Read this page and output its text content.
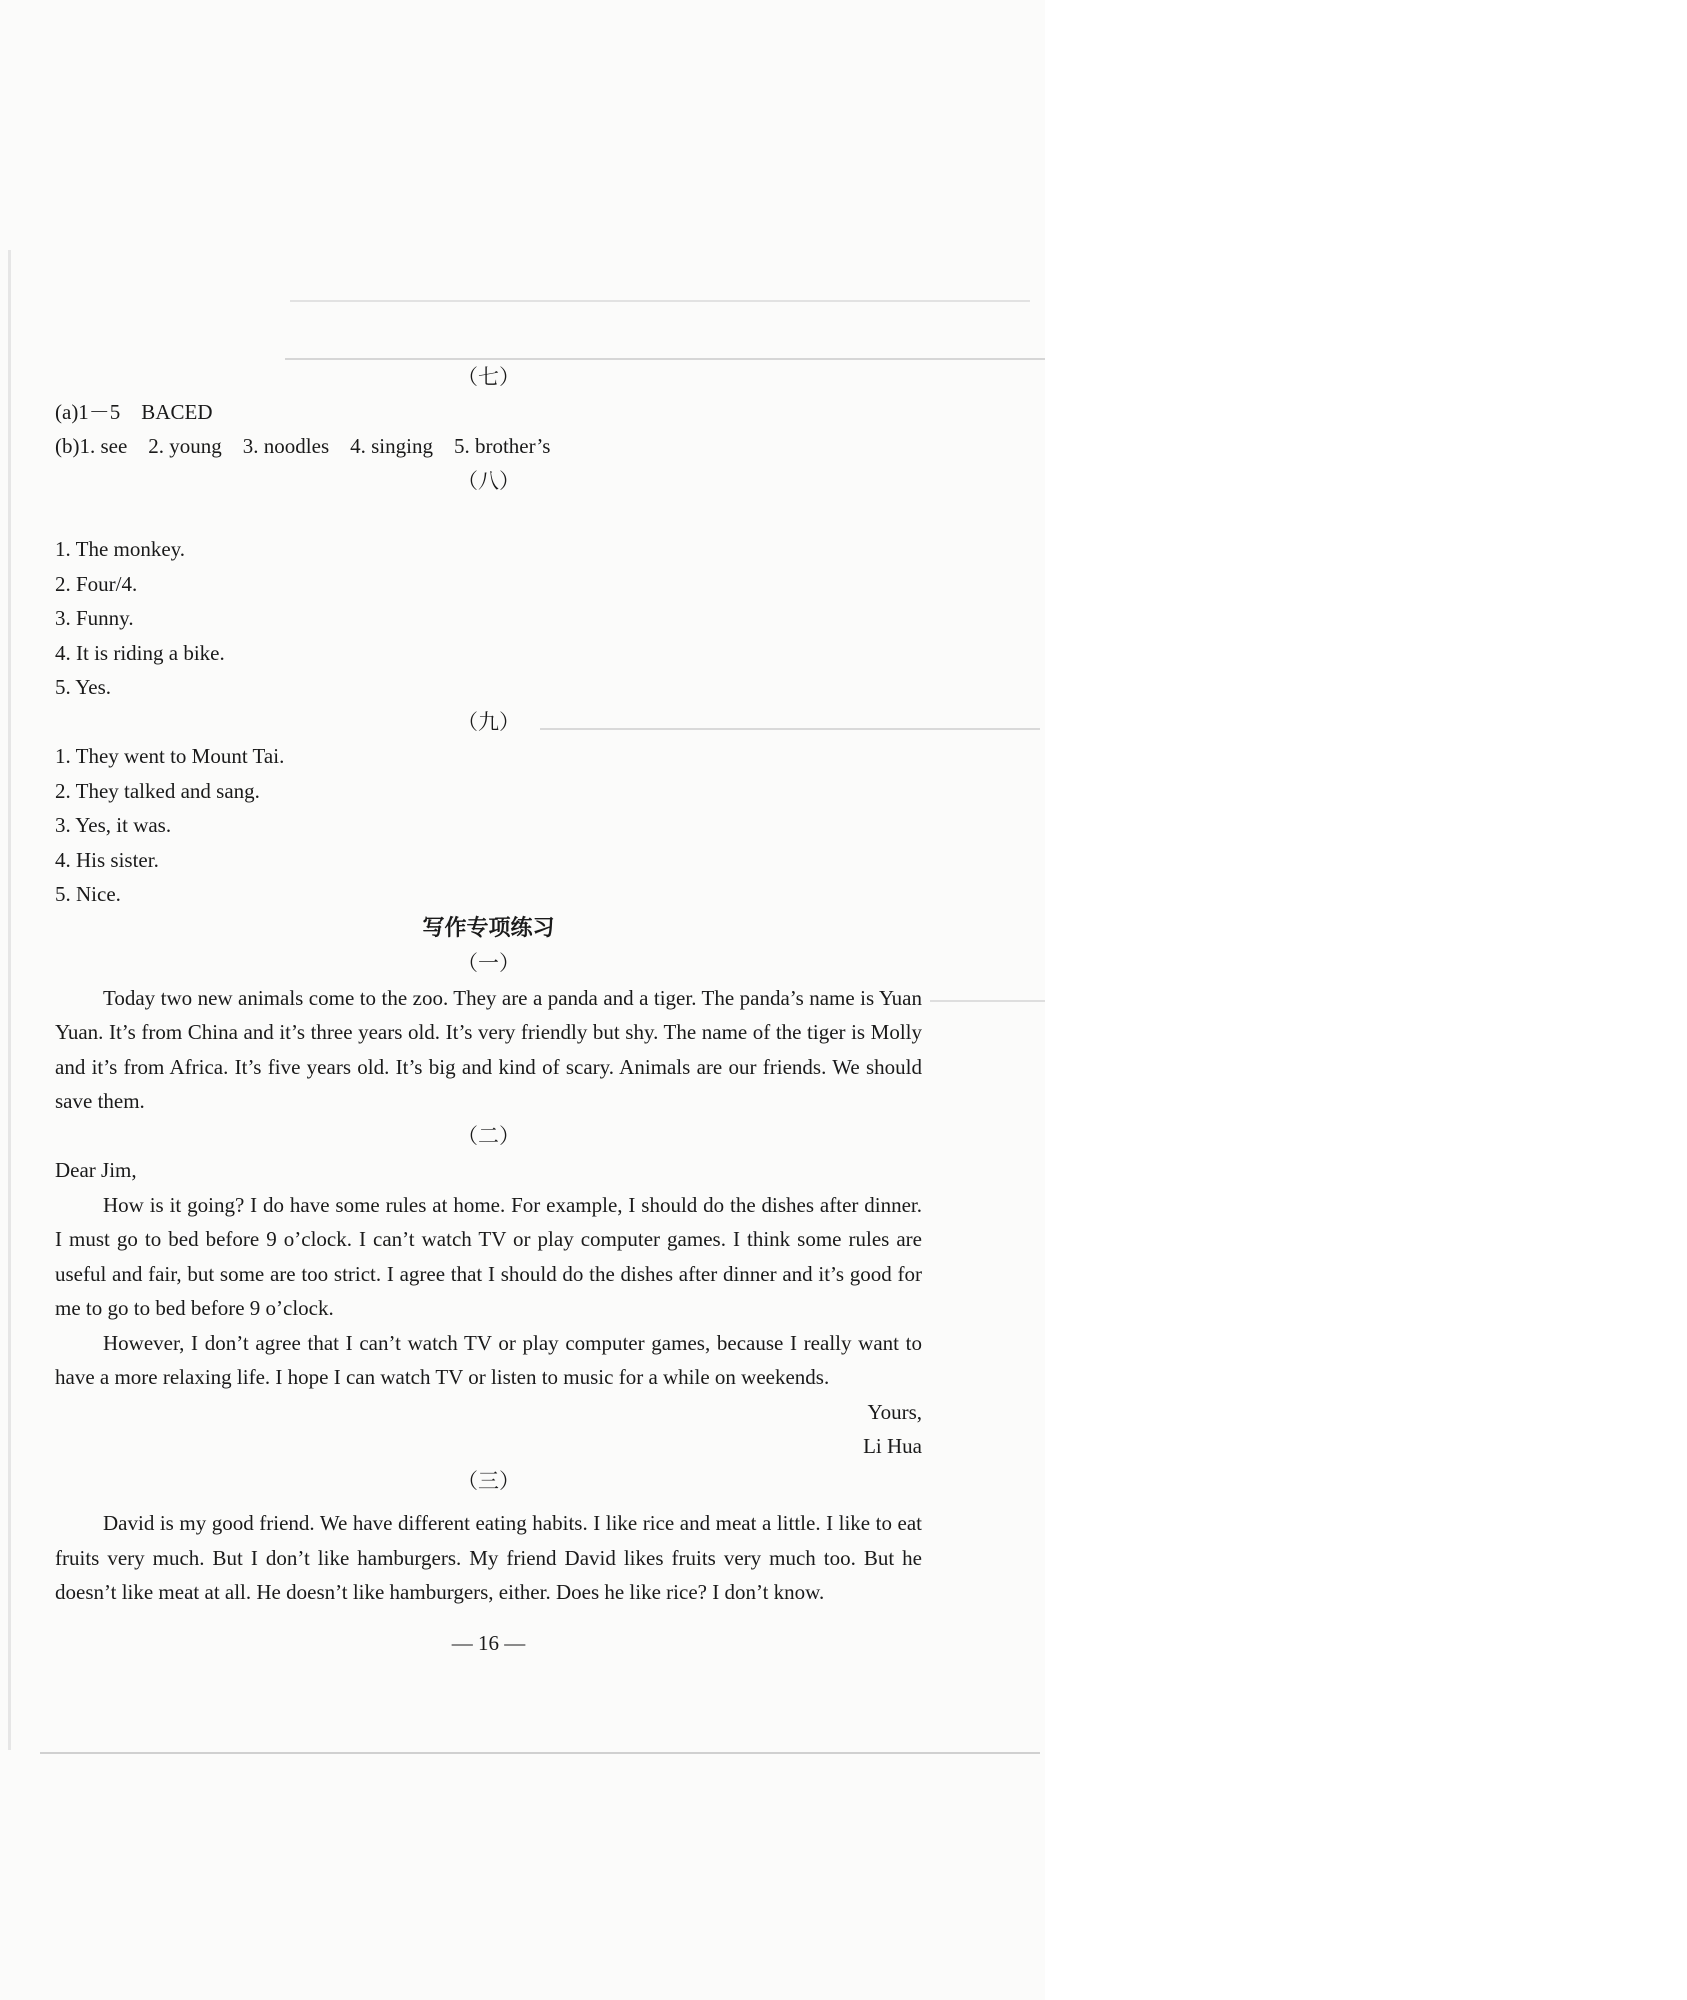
（七）
(a)1－5　BACED
(b)1. see　2. young　3. noodles　4. singing　5. brother’s
（八）
1. The monkey.
2. Four/4.
3. Funny.
4. It is riding a bike.
5. Yes.
（九）
1. They went to Mount Tai.
2. They talked and sang.
3. Yes, it was.
4. His sister.
5. Nice.
写作专项练习
（一）
Today two new animals come to the zoo. They are a panda and a tiger. The panda’s name is Yuan Yuan. It’s from China and it’s three years old. It’s very friendly but shy. The name of the tiger is Molly and it’s from Africa. It’s five years old. It’s big and kind of scary. Animals are our friends. We should save them.
（二）
Dear Jim,
How is it going? I do have some rules at home. For example, I should do the dishes after dinner. I must go to bed before 9 o’clock. I can’t watch TV or play computer games. I think some rules are useful and fair, but some are too strict. I agree that I should do the dishes after dinner and it’s good for me to go to bed before 9 o’clock.
However, I don’t agree that I can’t watch TV or play computer games, because I really want to have a more relaxing life. I hope I can watch TV or listen to music for a while on weekends.
Yours,
Li Hua
（三）
David is my good friend. We have different eating habits. I like rice and meat a little. I like to eat fruits very much. But I don’t like hamburgers. My friend David likes fruits very much too. But he doesn’t like meat at all. He doesn’t like hamburgers, either. Does he like rice? I don’t know.
— 16 —
